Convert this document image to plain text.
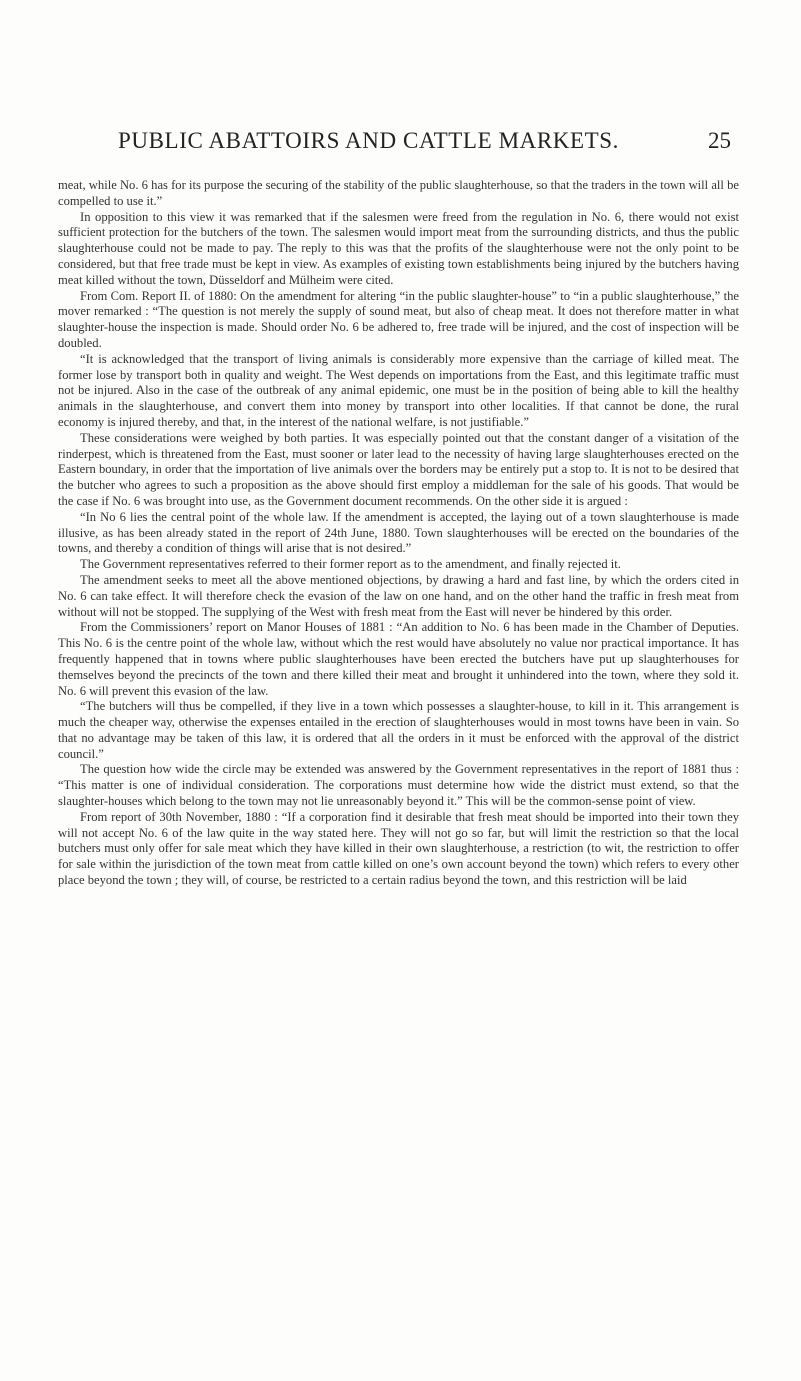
PUBLIC ABATTOIRS AND CATTLE MARKETS.	25

meat, while No. 6 has for its purpose the securing of the stability of the public slaughterhouse, so that the traders in the town will all be compelled to use it.”

In opposition to this view it was remarked that if the salesmen were freed from the regulation in No. 6, there would not exist sufficient protection for the butchers of the town. The salesmen would import meat from the surrounding districts, and thus the public slaughterhouse could not be made to pay. The reply to this was that the profits of the slaughterhouse were not the only point to be considered, but that free trade must be kept in view. As examples of existing town establishments being injured by the butchers having meat killed without the town, Düsseldorf and Mülheim were cited.

From Com. Report II. of 1880: On the amendment for altering “in the public slaughter-house” to “in a public slaughterhouse,” the mover remarked : “The question is not merely the supply of sound meat, but also of cheap meat. It does not therefore matter in what slaughter-house the inspection is made. Should order No. 6 be adhered to, free trade will be injured, and the cost of inspection will be doubled.

“It is acknowledged that the transport of living animals is considerably more expensive than the carriage of killed meat. The former lose by transport both in quality and weight. The West depends on importations from the East, and this legitimate traffic must not be injured. Also in the case of the outbreak of any animal epidemic, one must be in the position of being able to kill the healthy animals in the slaughterhouse, and convert them into money by transport into other localities. If that cannot be done, the rural economy is injured thereby, and that, in the interest of the national welfare, is not justifiable.”

These considerations were weighed by both parties. It was especially pointed out that the constant danger of a visitation of the rinderpest, which is threatened from the East, must sooner or later lead to the necessity of having large slaughterhouses erected on the Eastern boundary, in order that the importation of live animals over the borders may be entirely put a stop to. It is not to be desired that the butcher who agrees to such a proposition as the above should first employ a middleman for the sale of his goods. That would be the case if No. 6 was brought into use, as the Government document recommends. On the other side it is argued :

“In No 6 lies the central point of the whole law. If the amendment is accepted, the laying out of a town slaughterhouse is made illusive, as has been already stated in the report of 24th June, 1880. Town slaughterhouses will be erected on the boundaries of the towns, and thereby a condition of things will arise that is not desired.”

The Government representatives referred to their former report as to the amendment, and finally rejected it.

The amendment seeks to meet all the above mentioned objections, by drawing a hard and fast line, by which the orders cited in No. 6 can take effect. It will therefore check the evasion of the law on one hand, and on the other hand the traffic in fresh meat from without will not be stopped. The supplying of the West with fresh meat from the East will never be hindered by this order.

From the Commissioners’ report on Manor Houses of 1881 : “An addition to No. 6 has been made in the Chamber of Deputies. This No. 6 is the centre point of the whole law, without which the rest would have absolutely no value nor practical importance. It has frequently happened that in towns where public slaughterhouses have been erected the butchers have put up slaughterhouses for themselves beyond the precincts of the town and there killed their meat and brought it unhindered into the town, where they sold it. No. 6 will prevent this evasion of the law.

“The butchers will thus be compelled, if they live in a town which possesses a slaughter-house, to kill in it. This arrangement is much the cheaper way, otherwise the expenses entailed in the erection of slaughterhouses would in most towns have been in vain. So that no advantage may be taken of this law, it is ordered that all the orders in it must be enforced with the approval of the district council.”

The question how wide the circle may be extended was answered by the Government representatives in the report of 1881 thus : “This matter is one of individual consideration. The corporations must determine how wide the district must extend, so that the slaughter-houses which belong to the town may not lie unreasonably beyond it.” This will be the common-sense point of view.

From report of 30th November, 1880 : “If a corporation find it desirable that fresh meat should be imported into their town they will not accept No. 6 of the law quite in the way stated here. They will not go so far, but will limit the restriction so that the local butchers must only offer for sale meat which they have killed in their own slaughterhouse, a restriction (to wit, the restriction to offer for sale within the jurisdiction of the town meat from cattle killed on one’s own account beyond the town) which refers to every other place beyond the town ; they will, of course, be restricted to a certain radius beyond the town, and this restriction will be laid
